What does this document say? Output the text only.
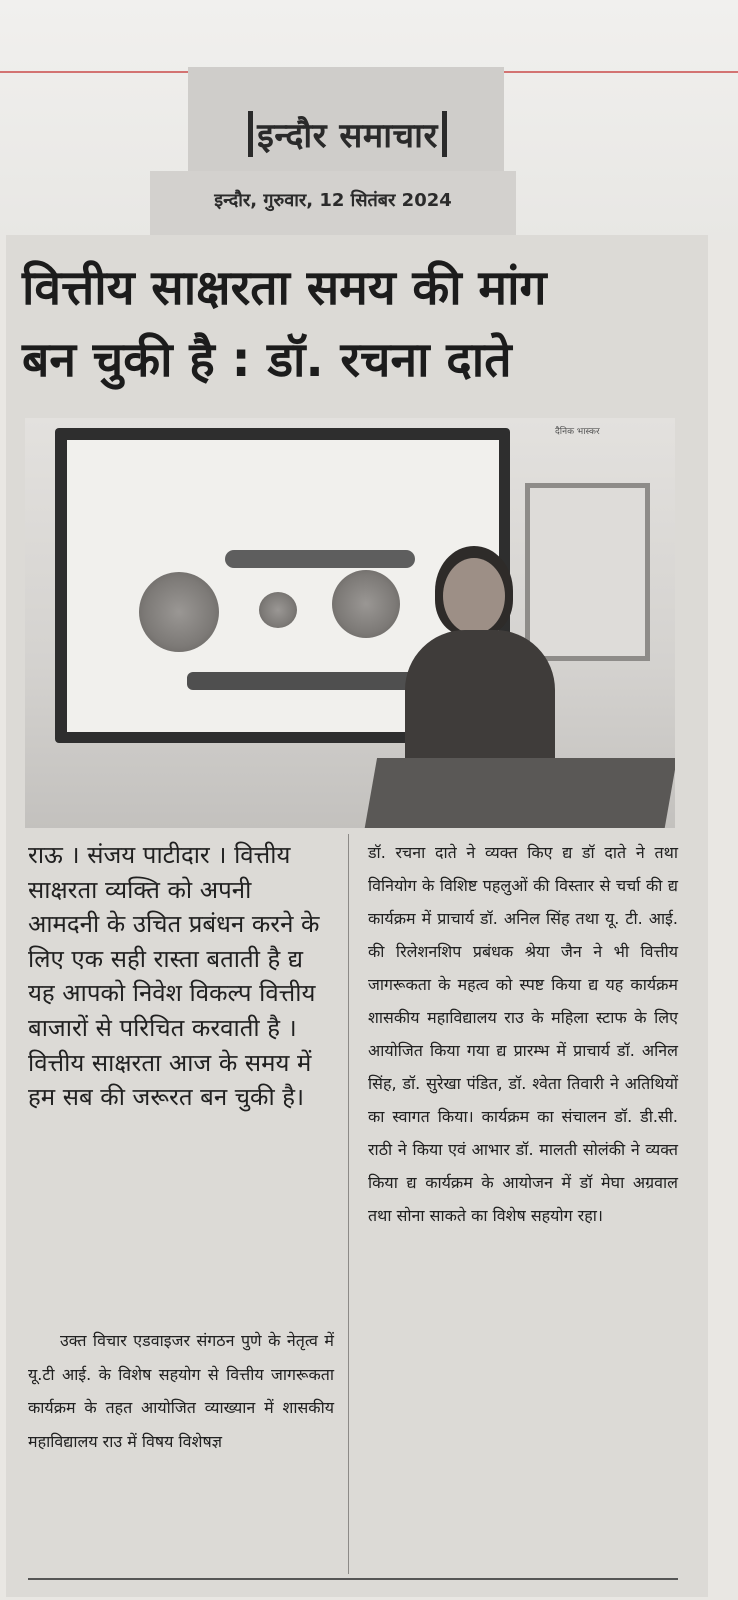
इन्दौर समाचार
इन्दौर, गुरुवार, 12 सितंबर 2024
वित्तीय साक्षरता समय की मांग
बन चुकी है : डॉ. रचना दाते
दैनिक भास्कर

राऊ । संजय पाटीदार । वित्तीय साक्षरता व्यक्ति को अपनी आमदनी के उचित प्रबंधन करने के लिए एक सही रास्ता बताती है द्य यह आपको निवेश विकल्प वित्तीय बाजारों से परिचित करवाती है । वित्तीय साक्षरता आज के समय में हम सब की जरूरत बन चुकी है।

उक्त विचार एडवाइजर संगठन पुणे के नेतृत्व में यू.टी आई. के विशेष सहयोग से वित्तीय जागरूकता कार्यक्रम के तहत आयोजित व्याख्यान में शासकीय महाविद्यालय राउ में विषय विशेषज्ञ

डॉ. रचना दाते ने व्यक्त किए द्य डॉ दाते ने तथा विनियोग के विशिष्ट पहलुओं की विस्तार से चर्चा की द्य कार्यक्रम में प्राचार्य डॉ. अनिल सिंह तथा यू. टी. आई. की रिलेशनशिप प्रबंधक श्रेया जैन ने भी वित्तीय जागरूकता के महत्व को स्पष्ट किया द्य यह कार्यक्रम शासकीय महाविद्यालय राउ के महिला स्टाफ के लिए आयोजित किया गया द्य प्रारम्भ में प्राचार्य डॉ. अनिल सिंह, डॉ. सुरेखा पंडित, डॉ. श्वेता तिवारी ने अतिथियों का स्वागत किया। कार्यक्रम का संचालन डॉ. डी.सी. राठी ने किया एवं आभार डॉ. मालती सोलंकी ने व्यक्त किया द्य कार्यक्रम के आयोजन में डॉ मेघा अग्रवाल तथा सोना साकते का विशेष सहयोग रहा।
